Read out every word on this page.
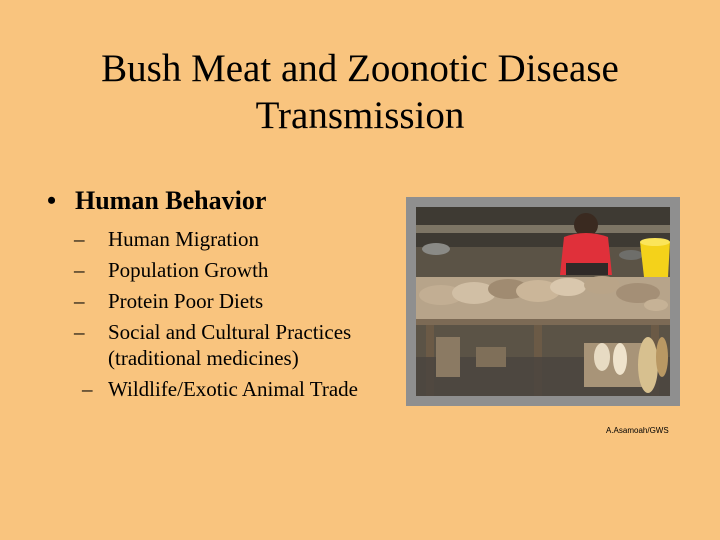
Bush Meat and Zoonotic Disease Transmission
• Human Behavior
–	Human Migration
–	Population Growth
–	Protein Poor Diets
–	Social and Cultural Practices (traditional medicines)
– Wildlife/Exotic Animal Trade
A.Asamoah/GWS
